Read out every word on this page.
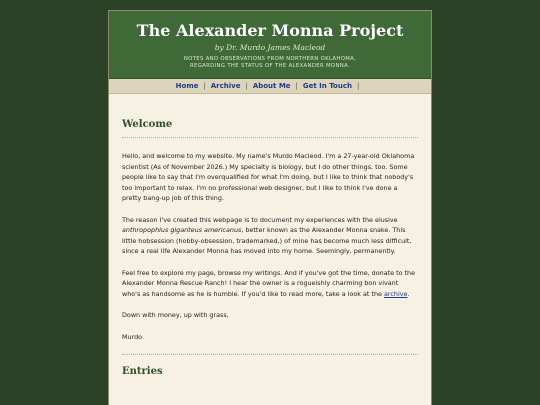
The Alexander Monna Project
by Dr. Murdo James Macleod
NOTES AND OBSERVATIONS FROM NORTHERN OKLAHOMA,
REGARDING THE STATUS OF THE ALEXANDER MONNA.
Home | Archive | About Me | Get In Touch |
Welcome

Hello, and welcome to my website. My name's Murdo Macleod. I'm a 27-year-old Oklahoma scientist (As of November 2026.) My specialty is biology, but I do other things, too. Some people like to say that I'm overqualified for what I'm doing, but I like to think that nobody's too important to relax. I'm no professional web designer, but I like to think I've done a pretty bang-up job of this thing.

The reason I've created this webpage is to document my experiences with the elusive anthropophius giganteus americanus, better known as the Alexander Monna snake. This little hobsession (hobby-obsession, trademarked,) of mine has become much less difficult, since a real life Alexander Monna has moved into my home. Seemingly, permanently.

Feel free to explore my page, browse my writings. And if you've got the time, donate to the Alexander Monna Rescue Ranch! I hear the owner is a rogueishly charming bon vivant who's as handsome as he is humble. If you'd like to read more, take a look at the archive.

Down with money, up with grass,

Murdo

Entries
